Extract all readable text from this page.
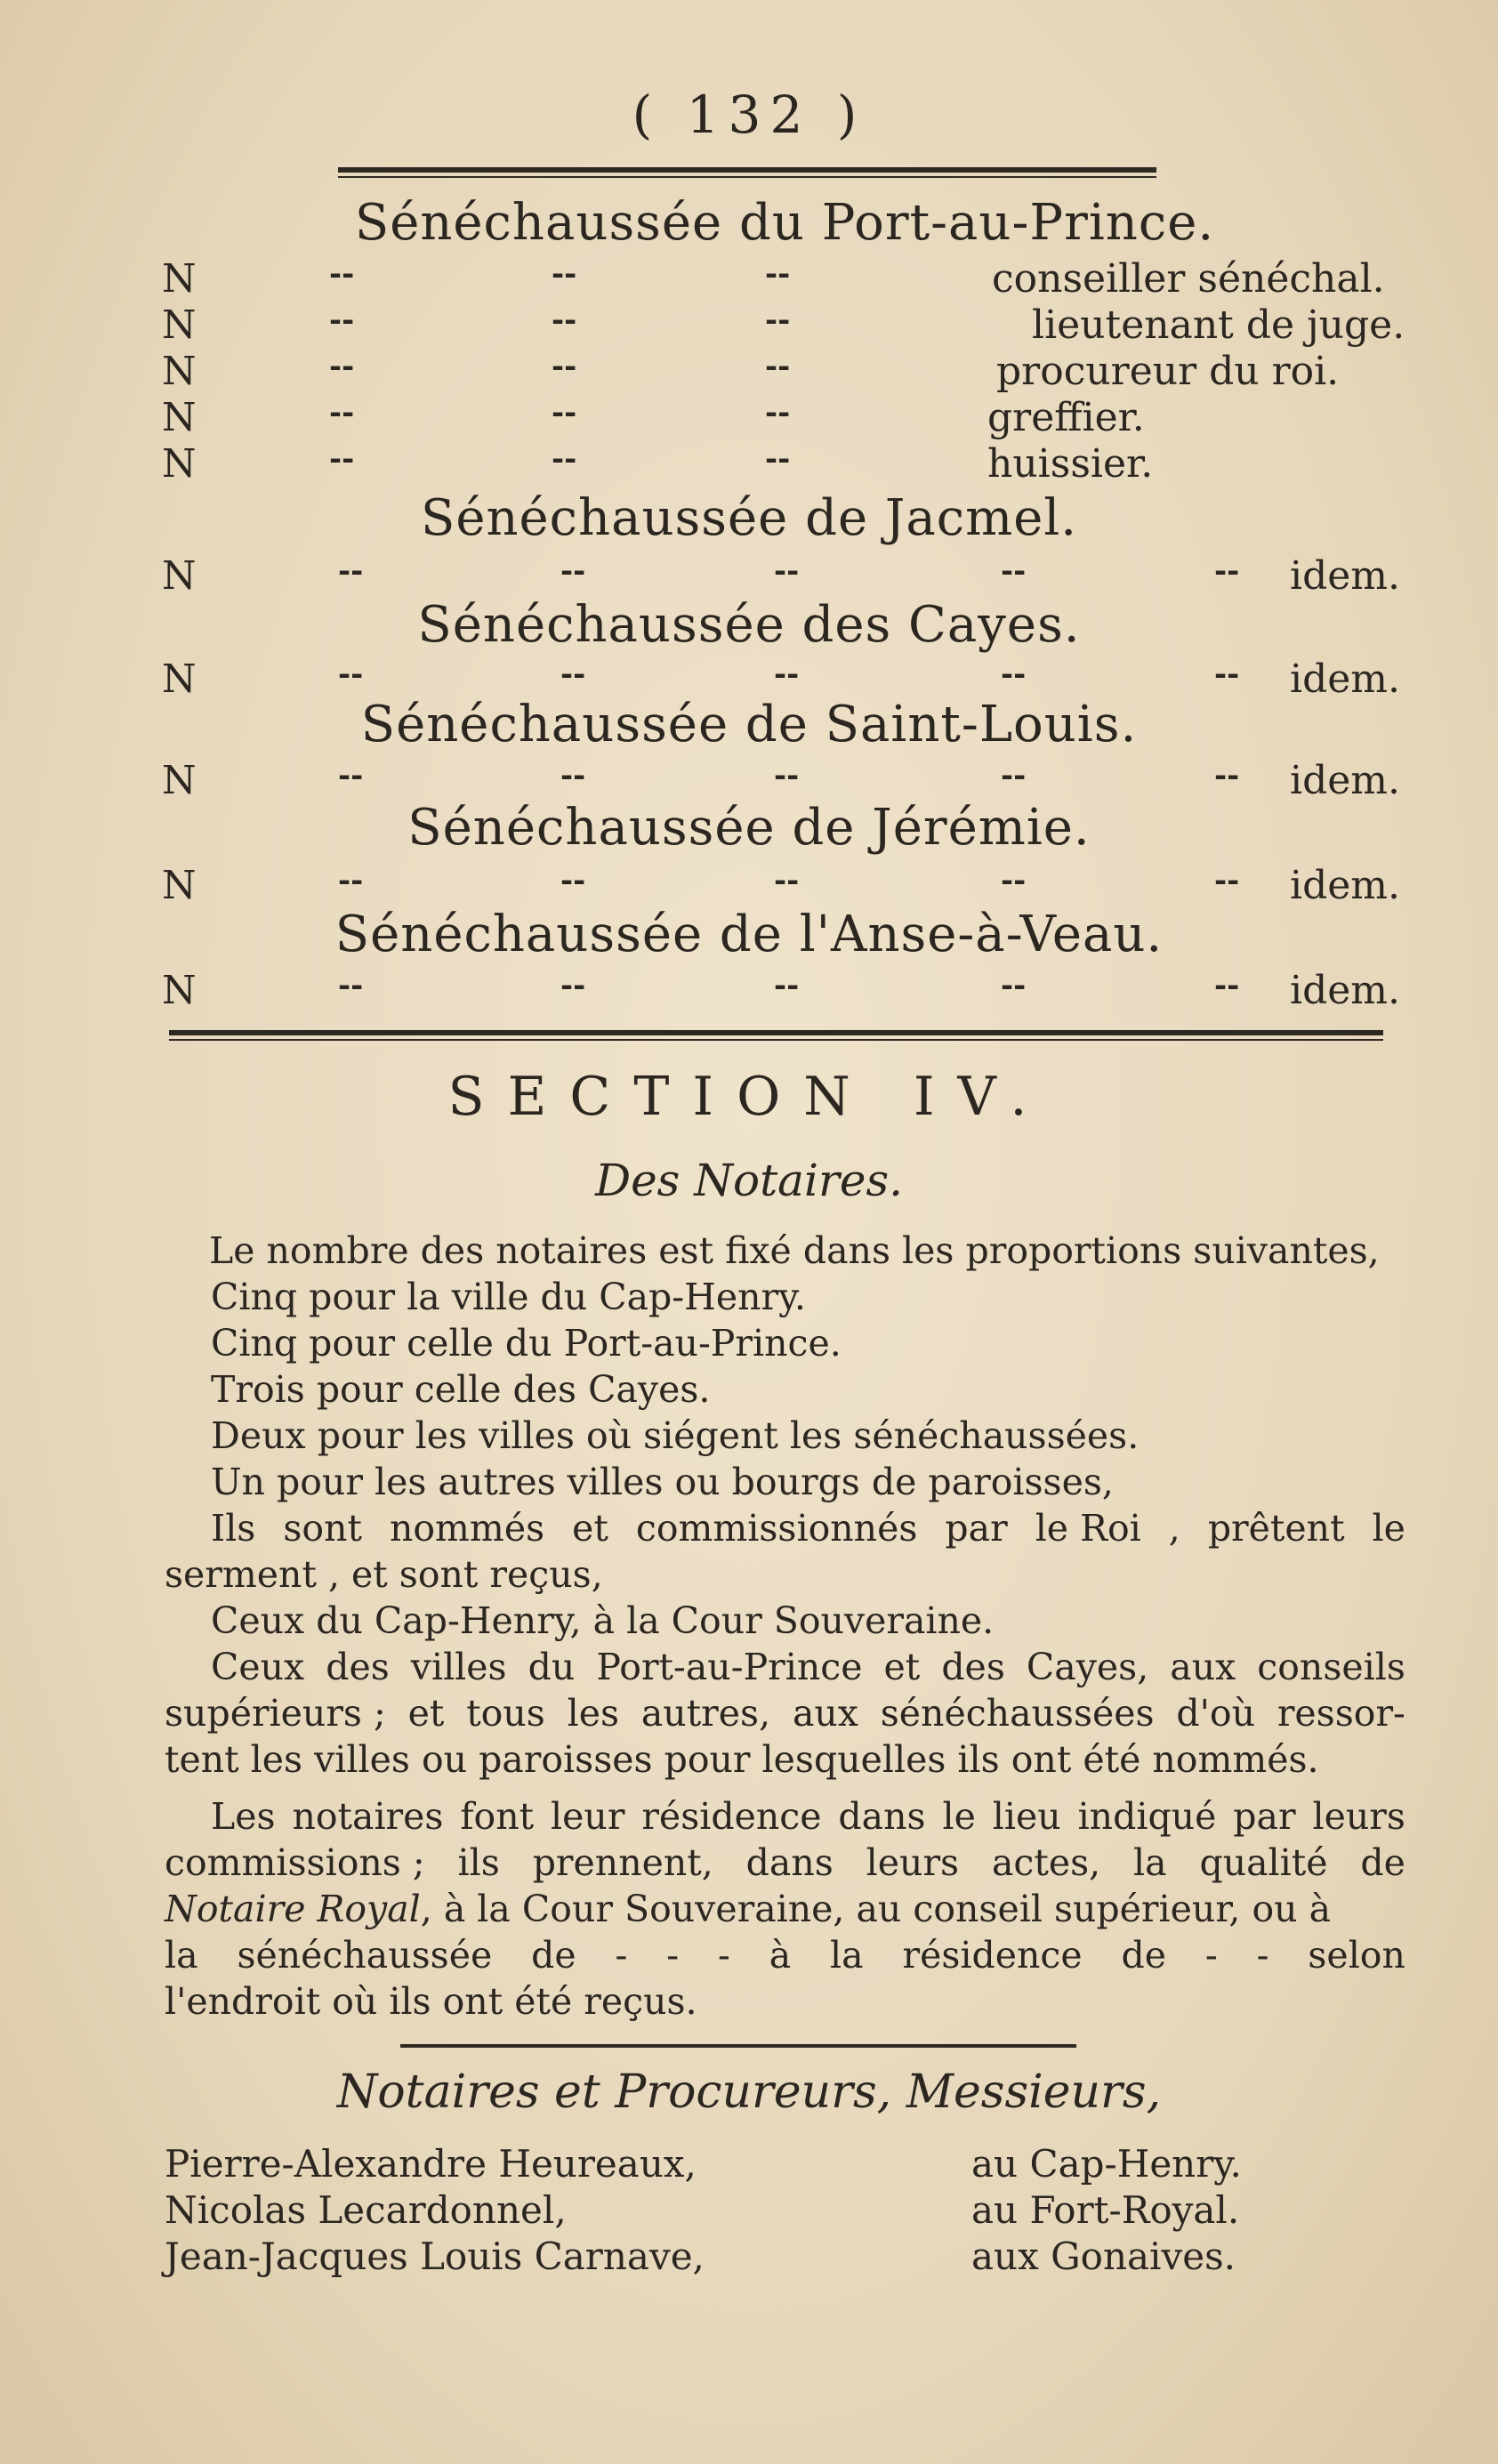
( 132 )
Sénéchaussée du Port-au-Prince.
N	--	--	--	conseiller sénéchal.
N	--	--	--	lieutenant de juge.
N	--	--	--	procureur du roi.
N	--	--	--	greffier.
N	--	--	--	huissier.
Sénéchaussée de Jacmel.
N	--	--	--	--	-- idem.
Sénéchaussée des Cayes.
N	--	--	--	--	-- idem.
Sénéchaussée de Saint-Louis.
N	--	--	--	--	-- idem.
Sénéchaussée de Jérémie.
N	--	--	--	--	-- idem.
Sénéchaussée de l'Anse-à-Veau.
N	--	--	--	--	-- idem.
SECTION IV.
Des Notaires.
Le nombre des notaires est fixé dans les proportions suivantes,
Cinq pour la ville du Cap-Henry.
Cinq pour celle du Port-au-Prince.
Trois pour celle des Cayes.
Deux pour les villes où siégent les sénéchaussées.
Un pour les autres villes ou bourgs de paroisses,
Ils sont nommés et commissionnés par le Roi , prêtent le
serment , et sont reçus,
Ceux du Cap-Henry, à la Cour Souveraine.
Ceux des villes du Port-au-Prince et des Cayes, aux conseils
supérieurs ; et tous les autres, aux sénéchaussées d'où ressor-
tent les villes ou paroisses pour lesquelles ils ont été nommés.
Les notaires font leur résidence dans le lieu indiqué par leurs
commissions ; ils prennent, dans leurs actes, la qualité de
Notaire Royal, à la Cour Souveraine, au conseil supérieur, ou à
la sénéchaussée de - - - à la résidence de - - selon
l'endroit où ils ont été reçus.
Notaires et Procureurs, Messieurs,
Pierre-Alexandre Heureaux,	au Cap-Henry.
Nicolas Lecardonnel,	au Fort-Royal.
Jean-Jacques Louis Carnave,	aux Gonaives.
